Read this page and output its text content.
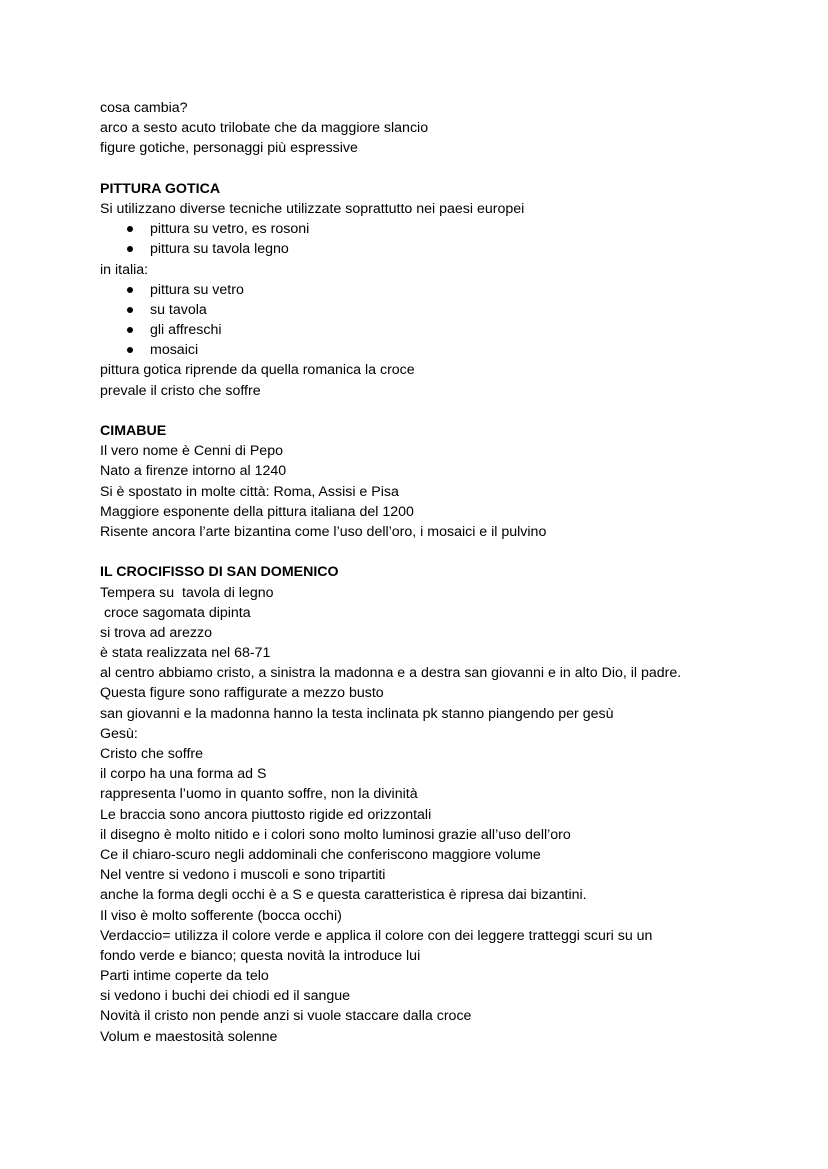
cosa cambia?
arco a sesto acuto trilobate che da maggiore slancio
figure gotiche, personaggi più espressive
PITTURA GOTICA
Si utilizzano diverse tecniche utilizzate soprattutto nei paesi europei
pittura su vetro, es rosoni
pittura su tavola legno
in italia:
pittura su vetro
su tavola
gli affreschi
mosaici
pittura gotica riprende da quella romanica la croce
prevale il cristo che soffre
CIMABUE
Il vero nome è Cenni di Pepo
Nato a firenze intorno al 1240
Si è spostato in molte città: Roma, Assisi e Pisa
Maggiore esponente della pittura italiana del 1200
Risente ancora l’arte bizantina come l’uso dell’oro, i mosaici e il pulvino
IL CROCIFISSO DI SAN DOMENICO
Tempera su  tavola di legno
croce sagomata dipinta
si trova ad arezzo
è stata realizzata nel 68-71
al centro abbiamo cristo, a sinistra la madonna e a destra san giovanni e in alto Dio, il padre.
Questa figure sono raffigurate a mezzo busto
san giovanni e la madonna hanno la testa inclinata pk stanno piangendo per gesù
Gesù:
Cristo che soffre
il corpo ha una forma ad S
rappresenta l’uomo in quanto soffre, non la divinità
Le braccia sono ancora piuttosto rigide ed orizzontali
il disegno è molto nitido e i colori sono molto luminosi grazie all’uso dell’oro
Ce il chiaro-scuro negli addominali che conferiscono maggiore volume
Nel ventre si vedono i muscoli e sono tripartiti
anche la forma degli occhi è a S e questa caratteristica è ripresa dai bizantini.
Il viso è molto sofferente (bocca occhi)
Verdaccio= utilizza il colore verde e applica il colore con dei leggere tratteggi scuri su un
fondo verde e bianco; questa novità la introduce lui
Parti intime coperte da telo
si vedono i buchi dei chiodi ed il sangue
Novità il cristo non pende anzi si vuole staccare dalla croce
Volum e maestosità solenne
